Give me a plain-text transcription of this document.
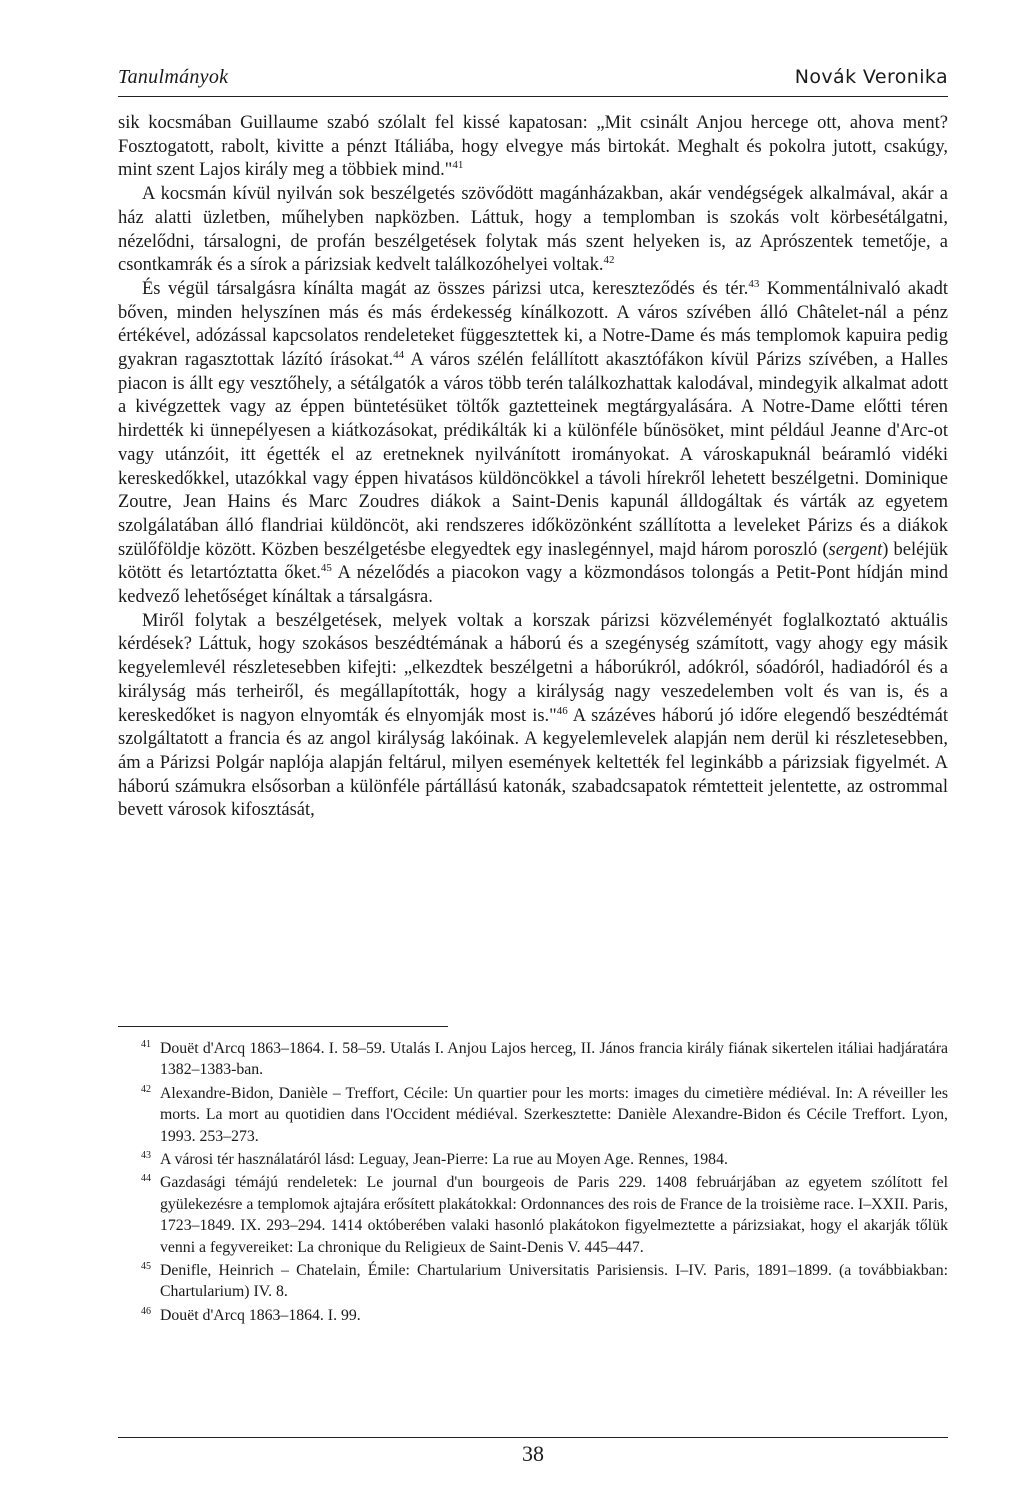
Tanulmányok	Novák Veronika

sik kocsmában Guillaume szabó szólalt fel kissé kapatosan: „Mit csinált Anjou hercege ott, ahova ment? Fosztogatott, rabolt, kivitte a pénzt Itáliába, hogy elvegye más birtokát. Meghalt és pokolra jutott, csakúgy, mint szent Lajos király meg a többiek mind."$^{41}$

A kocsmán kívül nyilván sok beszélgetés szövődött magánházakban, akár vendégségek alkalmával, akár a ház alatti üzletben, műhelyben napközben. Láttuk, hogy a templomban is szokás volt körbesétálgatni, nézelődni, társalogni, de profán beszélgetések folytak más szent helyeken is, az Aprószentek temetője, a csontkamrák és a sírok a párizsiak kedvelt találkozóhelyei voltak.$^{42}$

És végül társalgásra kínálta magát az összes párizsi utca, kereszteződés és tér.$^{43}$ Kommentálnivaló akadt bőven, minden helyszínen más és más érdekesség kínálkozott. A város szívében álló Châtelet-nál a pénz értékével, adózással kapcsolatos rendeleteket függesztettek ki, a Notre-Dame és más templomok kapuira pedig gyakran ragasztottak lázító írásokat.$^{44}$ A város szélén felállított akasztófákon kívül Párizs szívében, a Halles piacon is állt egy vesztőhely, a sétálgatók a város több terén találkozhattak kalodával, mindegyik alkalmat adott a kivégzettek vagy az éppen büntetésüket töltők gaztetteinek megtárgyalására. A Notre-Dame előtti téren hirdették ki ünnepélyesen a kiátkozásokat, prédikálták ki a különféle bűnösöket, mint például Jeanne d'Arc-ot vagy utánzóit, itt égették el az eretneknek nyilvánított irományokat. A városkapuknál beáramló vidéki kereskedőkkel, utazókkal vagy éppen hivatásos küldöncökkel a távoli hírekről lehetett beszélgetni. Dominique Zoutre, Jean Hains és Marc Zoudres diákok a Saint-Denis kapunál álldogáltak és várták az egyetem szolgálatában álló flandriai küldöncöt, aki rendszeres időközönként szállította a leveleket Párizs és a diákok szülőföldje között. Közben beszélgetésbe elegyedtek egy inaslegénnyel, majd három poroszló (sergent) beléjük kötött és letartóztatta őket.$^{45}$ A nézelődés a piacokon vagy a közmondásos tolongás a Petit-Pont hídján mind kedvező lehetőséget kínáltak a társalgásra.

Miről folytak a beszélgetések, melyek voltak a korszak párizsi közvéleményét foglalkoztató aktuális kérdések? Láttuk, hogy szokásos beszédtémának a háború és a szegénység számított, vagy ahogy egy másik kegyelemlevél részletesebben kifejti: „elkezdtek beszélgetni a háborúkról, adókról, sóadóról, hadiadóról és a királyság más terheiről, és megállapították, hogy a királyság nagy veszedelemben volt és van is, és a kereskedőket is nagyon elnyomták és elnyomják most is."$^{46}$ A százéves háború jó időre elegendő beszédtémát szolgáltatott a francia és az angol királyság lakóinak. A kegyelemlevelek alapján nem derül ki részletesebben, ám a Párizsi Polgár naplója alapján feltárul, milyen események keltették fel leginkább a párizsiak figyelmét. A háború számukra elsősorban a különféle pártállású katonák, szabadcsapatok rémtetteit jelentette, az ostrommal bevett városok kifosztását,

$^{41}$ Douët d'Arcq 1863–1864. I. 58–59. Utalás I. Anjou Lajos herceg, II. János francia király fiának sikertelen itáliai hadjáratára 1382–1383-ban.
$^{42}$ Alexandre-Bidon, Danièle – Treffort, Cécile: Un quartier pour les morts: images du cimetière médiéval. In: A réveiller les morts. La mort au quotidien dans l'Occident médiéval. Szerkesztette: Danièle Alexandre-Bidon és Cécile Treffort. Lyon, 1993. 253–273.
$^{43}$ A városi tér használatáról lásd: Leguay, Jean-Pierre: La rue au Moyen Age. Rennes, 1984.
$^{44}$ Gazdasági témájú rendeletek: Le journal d'un bourgeois de Paris 229. 1408 februárjában az egyetem szólított fel gyülekezésre a templomok ajtajára erősített plakátokkal: Ordonnances des rois de France de la troisième race. I–XXII. Paris, 1723–1849. IX. 293–294. 1414 októberében valaki hasonló plakátokon figyelmeztette a párizsiakat, hogy el akarják tőlük venni a fegyvereiket: La chronique du Religieux de Saint-Denis V. 445–447.
$^{45}$ Denifle, Heinrich – Chatelain, Émile: Chartularium Universitatis Parisiensis. I–IV. Paris, 1891–1899. (a továbbiakban: Chartularium) IV. 8.
$^{46}$ Douët d'Arcq 1863–1864. I. 99.
38
